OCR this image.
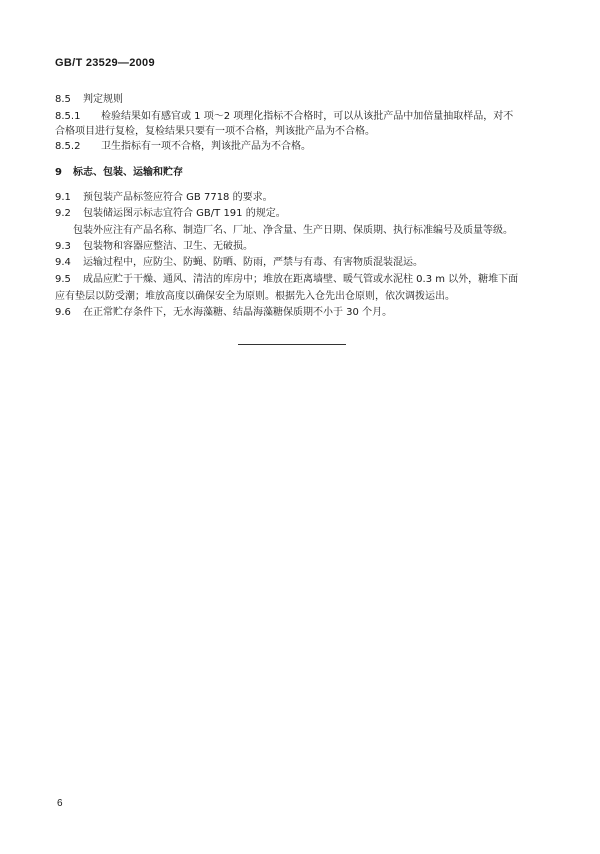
GB/T 23529—2009
8.5 判定规则
8.5.1 检验结果如有感官或 1 项～2 项理化指标不合格时，可以从该批产品中加倍量抽取样品，对不
合格项目进行复检，复检结果只要有一项不合格，判该批产品为不合格。
8.5.2 卫生指标有一项不合格，判该批产品为不合格。
9 标志、包装、运输和贮存
9.1 预包装产品标签应符合 GB 7718 的要求。
9.2 包装储运图示标志宜符合 GB/T 191 的规定。
包装外应注有产品名称、制造厂名、厂址、净含量、生产日期、保质期、执行标准编号及质量等级。
9.3 包装物和容器应整洁、卫生、无破损。
9.4 运输过程中，应防尘、防蝇、防晒、防雨，严禁与有毒、有害物质混装混运。
9.5 成品应贮于干燥、通风、清洁的库房中；堆放在距离墙壁、暖气管或水泥柱 0.3 m 以外，糖堆下面
应有垫层以防受潮；堆放高度以确保安全为原则。根据先入仓先出仓原则，依次调拨运出。
9.6 在正常贮存条件下，无水海藻糖、结晶海藻糖保质期不小于 30 个月。
6
